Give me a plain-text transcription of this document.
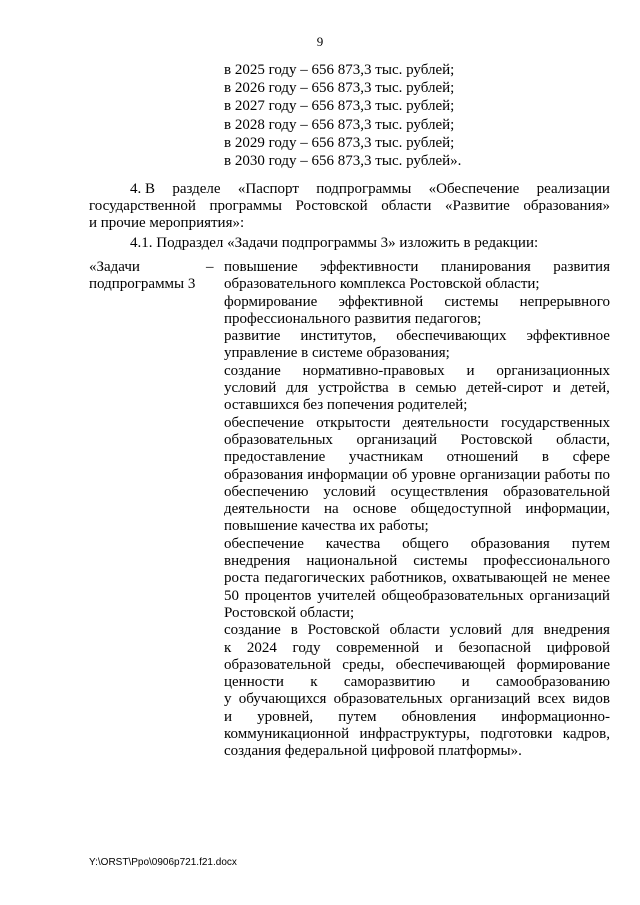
9
в 2025 году – 656 873,3 тыс. рублей;
в 2026 году – 656 873,3 тыс. рублей;
в 2027 году – 656 873,3 тыс. рублей;
в 2028 году – 656 873,3 тыс. рублей;
в 2029 году – 656 873,3 тыс. рублей;
в 2030 году – 656 873,3 тыс. рублей».
4. В разделе «Паспорт подпрограммы «Обеспечение реализации
государственной программы Ростовской области «Развитие образования»
и прочие мероприятия»:
4.1. Подраздел «Задачи подпрограммы 3» изложить в редакции:
«Задачи
подпрограммы 3
– повышение эффективности планирования развития
образовательного комплекса Ростовской области;
формирование эффективной системы непрерывного
профессионального развития педагогов;
развитие институтов, обеспечивающих эффективное
управление в системе образования;
создание нормативно-правовых и организационных
условий для устройства в семью детей-сирот и детей,
оставшихся без попечения родителей;
обеспечение открытости деятельности государственных
образовательных организаций Ростовской области,
предоставление участникам отношений в сфере
образования информации об уровне организации работы по
обеспечению условий осуществления образовательной
деятельности на основе общедоступной информации,
повышение качества их работы;
обеспечение качества общего образования путем
внедрения национальной системы профессионального
роста педагогических работников, охватывающей не менее
50 процентов учителей общеобразовательных организаций
Ростовской области;
создание в Ростовской области условий для внедрения
к 2024 году современной и безопасной цифровой
образовательной среды, обеспечивающей формирование
ценности к саморазвитию и самообразованию
у обучающихся образовательных организаций всех видов
и уровней, путем обновления информационно-
коммуникационной инфраструктуры, подготовки кадров,
создания федеральной цифровой платформы».
Y:\ORST\Ppo\0906p721.f21.docx
